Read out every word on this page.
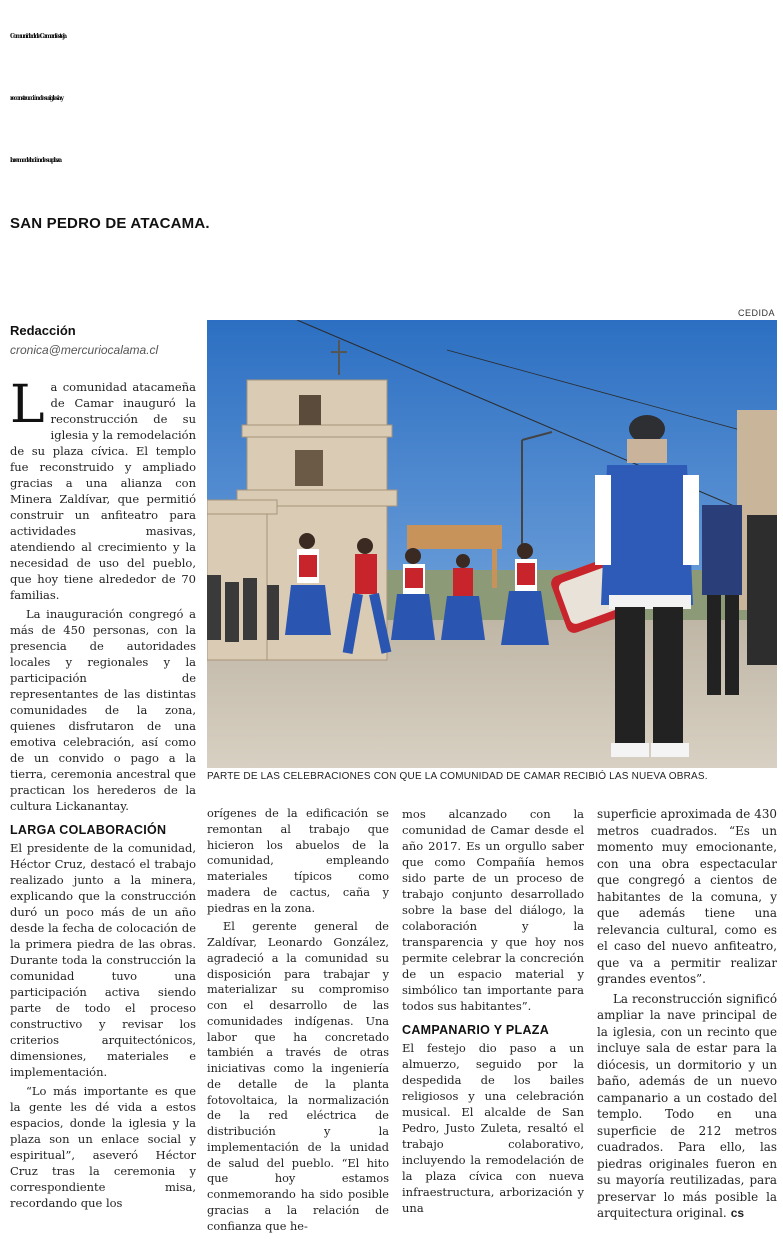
Comunidad de Camar festeja
reconstrucción de su iglesia y
la remodelación de su plaza
SAN PEDRO DE ATACAMA.
Redacción
cronica@mercuriocalama.cl
CEDIDA
PARTE DE LAS CELEBRACIONES CON QUE LA COMUNIDAD DE CAMAR RECIBIÓ LAS NUEVA OBRAS.

La comunidad atacameña de Camar inauguró la reconstrucción de su iglesia y la remodelación de su plaza cívica. El templo fue reconstruido y ampliado gracias a una alianza con Minera Zaldívar, que permitió construir un anfiteatro para actividades masivas, atendiendo al crecimiento y la necesidad de uso del pueblo, que hoy tiene alrededor de 70 familias.

La inauguración congregó a más de 450 personas, con la presencia de autoridades locales y regionales y la participación de representantes de las distintas comunidades de la zona, quienes disfrutaron de una emotiva celebración, así como de un convido o pago a la tierra, ceremonia ancestral que practican los herederos de la cultura Lickanantay.

LARGA COLABORACIÓN

El presidente de la comunidad, Héctor Cruz, destacó el trabajo realizado junto a la minera, explicando que la construcción duró un poco más de un año desde la fecha de colocación de la primera piedra de las obras. Durante toda la construcción la comunidad tuvo una participación activa siendo parte de todo el proceso constructivo y revisar los criterios arquitectónicos, dimensiones, materiales e implementación.

“Lo más importante es que la gente les dé vida a estos espacios, donde la iglesia y la plaza son un enlace social y espiritual”, aseveró Héctor Cruz tras la ceremonia y correspondiente misa, recordando que los

orígenes de la edificación se remontan al trabajo que hicieron los abuelos de la comunidad, empleando materiales típicos como madera de cactus, caña y piedras en la zona.

El gerente general de Zaldívar, Leonardo González, agradeció a la comunidad su disposición para trabajar y materializar su compromiso con el desarrollo de las comunidades indígenas. Una labor que ha concretado también a través de otras iniciativas como la ingeniería de detalle de la planta fotovoltaica, la normalización de la red eléctrica de distribución y la implementación de la unidad de salud del pueblo. “El hito que hoy estamos conmemorando ha sido posible gracias a la relación de confianza que he-

mos alcanzado con la comunidad de Camar desde el año 2017. Es un orgullo saber que como Compañía hemos sido parte de un proceso de trabajo conjunto desarrollado sobre la base del diálogo, la colaboración y la transparencia y que hoy nos permite celebrar la concreción de un espacio material y simbólico tan importante para todos sus habitantes”.

CAMPANARIO Y PLAZA

El festejo dio paso a un almuerzo, seguido por la despedida de los bailes religiosos y una celebración musical. El alcalde de San Pedro, Justo Zuleta, resaltó el trabajo colaborativo, incluyendo la remodelación de la plaza cívica con nueva infraestructura, arborización y una

superficie aproximada de 430 metros cuadrados. “Es un momento muy emocionante, con una obra espectacular que congregó a cientos de habitantes de la comuna, y que además tiene una relevancia cultural, como es el caso del nuevo anfiteatro, que va a permitir realizar grandes eventos”.

La reconstrucción significó ampliar la nave principal de la iglesia, con un recinto que incluye sala de estar para la diócesis, un dormitorio y un baño, además de un nuevo campanario a un costado del templo. Todo en una superficie de 212 metros cuadrados. Para ello, las piedras originales fueron en su mayoría reutilizadas, para preservar lo más posible la arquitectura original. cs
